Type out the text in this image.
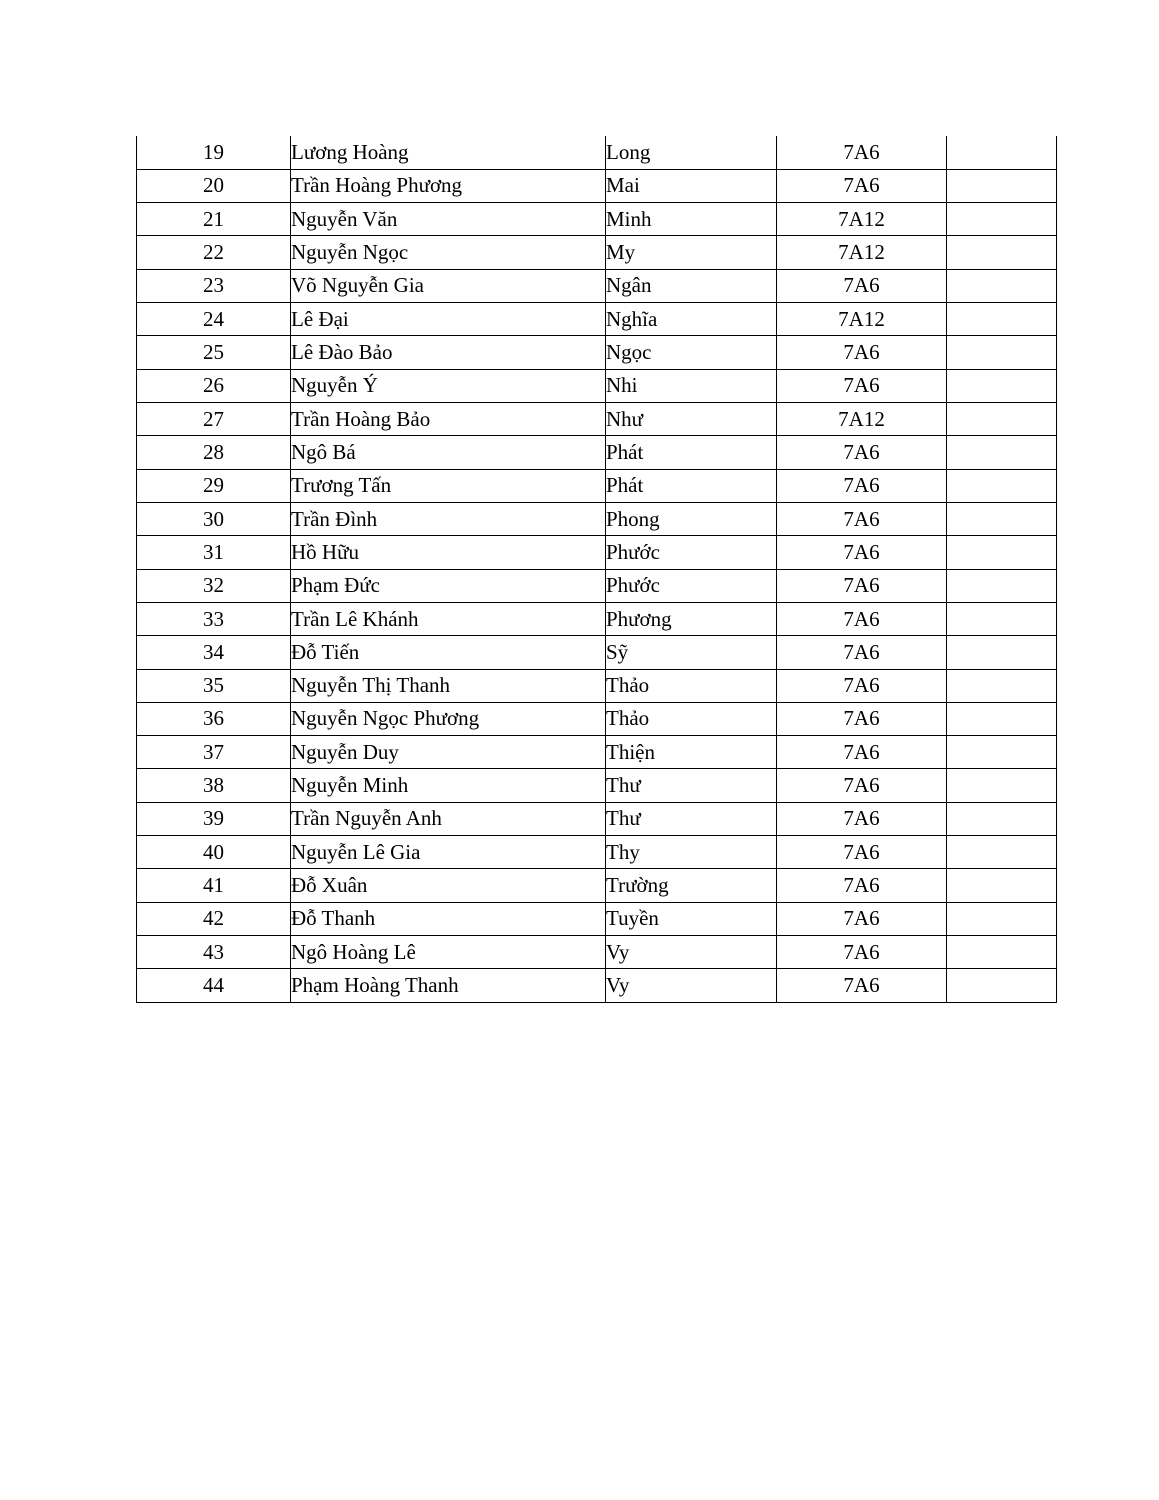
19	Lương Hoàng	Long	7A6	
20	Trần Hoàng Phương	Mai	7A6	
21	Nguyễn Văn	Minh	7A12	
22	Nguyễn Ngọc	My	7A12	
23	Võ Nguyễn Gia	Ngân	7A6	
24	Lê Đại	Nghĩa	7A12	
25	Lê Đào Bảo	Ngọc	7A6	
26	Nguyễn Ý	Nhi	7A6	
27	Trần Hoàng Bảo	Như	7A12	
28	Ngô Bá	Phát	7A6	
29	Trương Tấn	Phát	7A6	
30	Trần Đình	Phong	7A6	
31	Hồ Hữu	Phước	7A6	
32	Phạm Đức	Phước	7A6	
33	Trần Lê Khánh	Phương	7A6	
34	Đỗ Tiến	Sỹ	7A6	
35	Nguyễn Thị Thanh	Thảo	7A6	
36	Nguyễn Ngọc Phương	Thảo	7A6	
37	Nguyễn Duy	Thiện	7A6	
38	Nguyễn Minh	Thư	7A6	
39	Trần Nguyễn Anh	Thư	7A6	
40	Nguyễn Lê Gia	Thy	7A6	
41	Đỗ Xuân	Trường	7A6	
42	Đỗ Thanh	Tuyền	7A6	
43	Ngô Hoàng Lê	Vy	7A6	
44	Phạm Hoàng Thanh	Vy	7A6	
